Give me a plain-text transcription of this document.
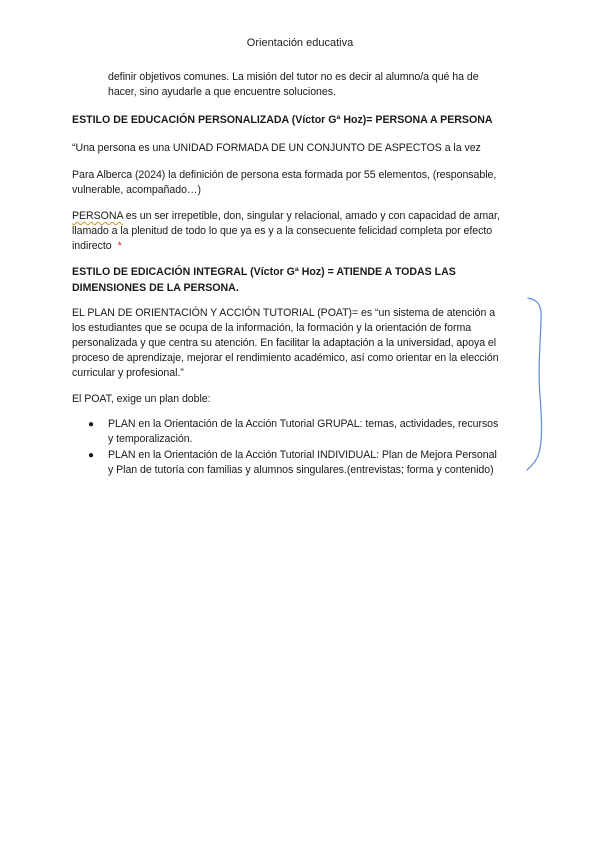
Orientación educativa
definir objetivos comunes. La misión del tutor no es decir al alumno/a qué ha de
hacer, sino ayudarle a que encuentre soluciones.
ESTILO DE EDUCACIÓN PERSONALIZADA (Víctor Gª Hoz)= PERSONA A PERSONA
“Una persona es una UNIDAD FORMADA DE UN CONJUNTO DE ASPECTOS a la vez
Para Alberca (2024) la definición de persona esta formada por 55 elementos, (responsable,
vulnerable, acompañado…)
PERSONA es un ser irrepetible, don, singular y relacional, amado y con capacidad de amar,
llamado a la plenitud de todo lo que ya es y a la consecuente felicidad completa por efecto
indirecto *
ESTILO DE EDICACIÓN INTEGRAL (Víctor Gª Hoz) = ATIENDE A TODAS LAS
DIMENSIONES DE LA PERSONA.
EL PLAN DE ORIENTACIÓN Y ACCIÓN TUTORIAL (POAT)= es “un sistema de atención a
los estudiantes que se ocupa de la información, la formación y la orientación de forma
personalizada y que centra su atención. En facilitar la adaptación a la universidad, apoya el
proceso de aprendizaje, mejorar el rendimiento académico, así como orientar en la elección
curricular y profesional.”
El POAT, exige un plan doble:
● PLAN en la Orientación de la Acción Tutorial GRUPAL: temas, actividades, recursos
y temporalización.
● PLAN en la Orientación de la Acción Tutorial INDIVIDUAL: Plan de Mejora Personal
y Plan de tutoría con familias y alumnos singulares.(entrevistas; forma y contenido)
